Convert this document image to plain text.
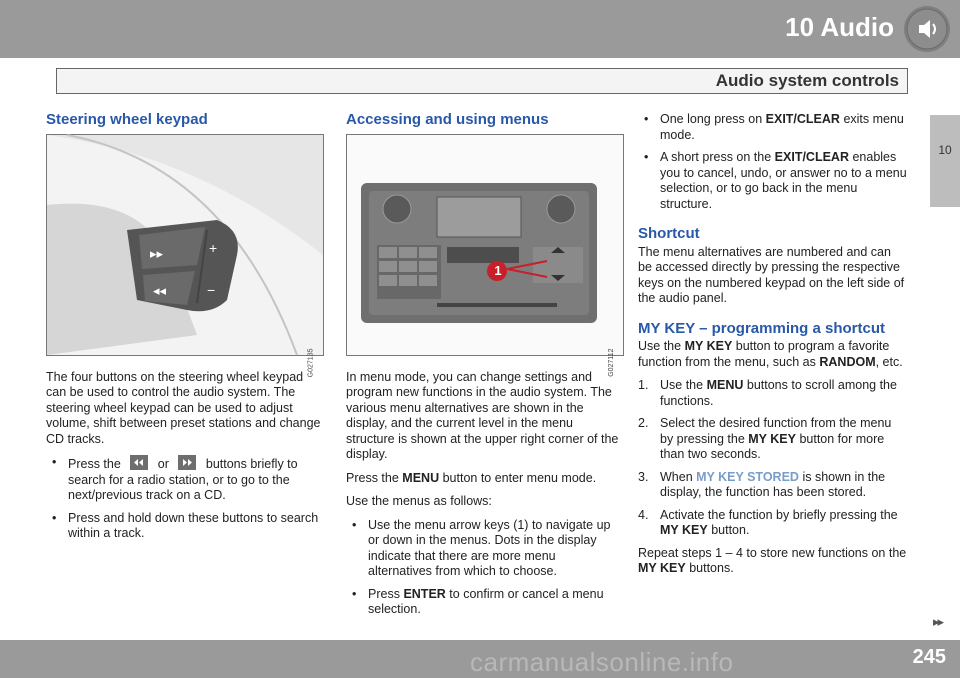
10 Audio
Audio system controls
10
Steering wheel keypad
▸▸
◂◂
+
−
G027135

The four buttons on the steering wheel keypad can be used to control the audio system. The steering wheel keypad can be used to adjust volume, shift between preset stations and change CD tracks.

• Press the	or	buttons briefly to search for a radio station, or to go to the next/previous track on a CD.
• Press and hold down these buttons to search within a track.
Accessing and using menus
1
G027112

In menu mode, you can change settings and program new functions in the audio system. The various menu alternatives are shown in the display, and the current level in the menu structure is shown at the upper right corner of the display.

Press the MENU button to enter menu mode.

Use the menus as follows:

• Use the menu arrow keys (1) to navigate up or down in the menus. Dots in the display indicate that there are more menu alternatives from which to choose.
• Press ENTER to confirm or cancel a menu selection.
• One long press on EXIT/CLEAR exits menu mode.
• A short press on the EXIT/CLEAR enables you to cancel, undo, or answer no to a menu selection, or to go back in the menu structure.
Shortcut

The menu alternatives are numbered and can be accessed directly by pressing the respective keys on the numbered keypad on the left side of the audio panel.

MY KEY – programming a shortcut

Use the MY KEY button to program a favorite function from the menu, such as RANDOM, etc.

1. Use the MENU buttons to scroll among the functions.
2. Select the desired function from the menu by pressing the MY KEY button for more than two seconds.
3. When MY KEY STORED is shown in the display, the function has been stored.
4. Activate the function by briefly pressing the MY KEY button.

Repeat steps 1 – 4 to store new functions on the MY KEY buttons.

▸▸
carmanualsonline.info	245
